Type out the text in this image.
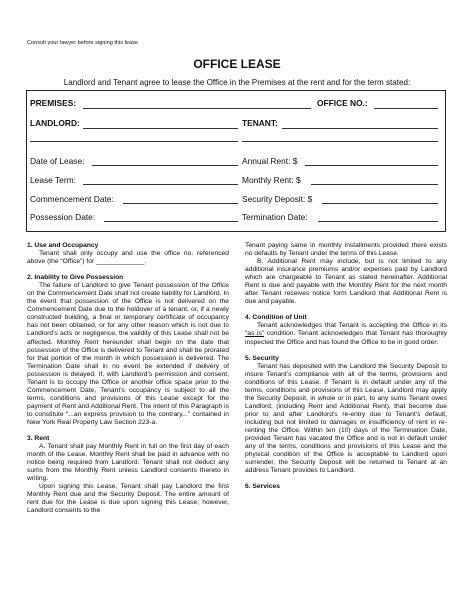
Consult your lawyer before signing this lease
OFFICE LEASE
Landlord and Tenant agree to lease the Office in the Premises at the rent and for the term stated:
PREMISES:	OFFICE NO.:
LANDLORD:	TENANT:
Date of Lease:	Annual Rent: $
Lease Term:	Monthly Rent: $
Commencement Date:	Security Deposit: $
Possession Date:	Termination Date:

1. Use and Occupancy

Tenant shall only occupy and use the office no. referenced above (the “Office”) for _____________.

2. Inability to Give Possession

The failure of Landlord to give Tenant possession of the Office on the Commencement Date shall not create liability for Landlord. In the event that possession of the Office is not delivered on the Commencement Date due to the holdover of a tenant, or, if a newly constructed building, a final or temporary certificate of occupancy has not been obtained, or for any other reason which is not due to Landlord’s acts or negligence, the validity of this Lease shall not be affected. Monthly Rent hereunder shall begin on the date that possession of the Office is delivered to Tenant and shall be prorated for that portion of the month in which possession is delivered. The Termination Date shall in no event be extended if delivery of possession is delayed. If, with Landlord’s permission and consent, Tenant is to occupy the Office or another office space prior to the Commencement Date, Tenant’s occupancy is subject to all the terms, conditions and provisions of this Lease except for the payment of Rent and Additional Rent. The intent of this Paragraph is to constitute “...an express provision to the contrary...” contained in New York Real Property Law Section 223-a.

3. Rent

A. Tenant shall pay Monthly Rent in full on the first day of each month of the Lease. Monthly Rent shall be paid in advance with no notice being required from Landlord. Tenant shall not deduct any sums from the Monthly Rent unless Landlord consents thereto in writing.

Upon signing this Lease, Tenant shall pay Landlord the first Monthly Rent due and the Security Deposit. The entire amount of rent due for the Lease is due upon signing this Lease; however, Landlord consents to the

Tenant paying same in monthly installments provided there exists no defaults by Tenant under the terms of this Lease.

B. Additional Rent may include, but is not limited to any additional insurance premiums and/or expenses paid by Landlord which are chargeable to Tenant as stated hereinafter. Additional Rent is due and payable with the Monthly Rent for the next month after Tenant receives notice form Landlord that Additional Rent is due and payable.

4. Condition of Unit

Tenant acknowledges that Tenant is accepting the Office in its “as is” condition. Tenant acknowledges that Tenant has thoroughly inspected the Office and has found the Office to be in good order.

5. Security

Tenant has deposited with the Landlord the Security Deposit to insure Tenant’s compliance with all of the terms, provisions and conditions of this Lease. If Tenant is in default under any of the terms, conditions and provisions of this Lease, Landlord may apply the Security Deposit, in whole or in part, to any sums Tenant owes Landlord, (including Rent and Additional Rent), that become due prior to and after Landlord’s re-entry due to Tenant’s default, including but not limited to damages or insufficiency of rent in re-renting the Office. Within ten (10) days of the Termination Date, provided Tenant has vacated the Office and is not in default under any of the terms, conditions and provisions of this Lease and the physical condition of the Office is acceptable to Landlord upon surrender, the Security Deposit will be returned to Tenant at an address Tenant provides to Landlord.

6. Services
